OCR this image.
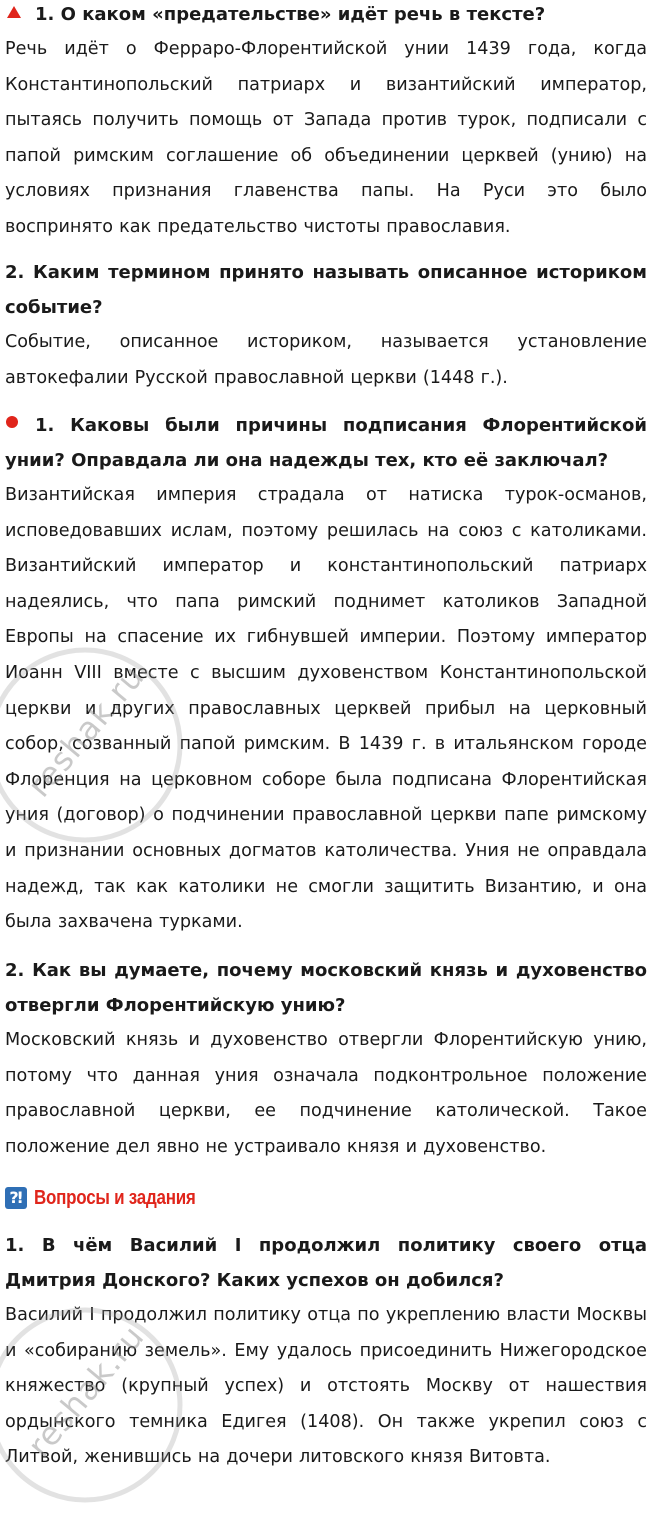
1. О каком «предательстве» идёт речь в тексте?

Речь идёт о Ферраро-Флорентийской унии 1439 года, когда Константинопольский патриарх и византийский император, пытаясь получить помощь от Запада против турок, подписали с папой римским соглашение об объединении церквей (унию) на условиях признания главенства папы. На Руси это было воспринято как предательство чистоты православия.

2. Каким термином принято называть описанное историком событие?

Событие, описанное историком, называется установление автокефалии Русской православной церкви (1448 г.).

1. Каковы были причины подписания Флорентийской унии? Оправдала ли она надежды тех, кто её заключал?

Византийская империя страдала от натиска турок-османов, исповедовавших ислам, поэтому решилась на союз с католиками. Византийский император и константинопольский патриарх надеялись, что папа римский поднимет католиков Западной Европы на спасение их гибнувшей империи. Поэтому император Иоанн VIII вместе с высшим духовенством Константинопольской церкви и других православных церквей прибыл на церковный собор, созванный папой римским. В 1439 г. в итальянском городе Флоренция на церковном соборе была подписана Флорентийская уния (договор) о подчинении православной церкви папе римскому и признании основных догматов католичества. Уния не оправдала надежд, так как католики не смогли защитить Византию, и она была захвачена турками.

2. Как вы думаете, почему московский князь и духовенство отвергли Флорентийскую унию?

Московский князь и духовенство отвергли Флорентийскую унию, потому что данная уния означала подконтрольное положение православной церкви, ее подчинение католической. Такое положение дел явно не устраивало князя и духовенство.

⁈ Вопросы и задания

1. В чём Василий I продолжил политику своего отца Дмитрия Донского? Каких успехов он добился?

Василий I продолжил политику отца по укреплению власти Москвы и «собиранию земель». Ему удалось присоединить Нижегородское княжество (крупный успех) и отстоять Москву от нашествия ордынского темника Едигея (1408). Он также укрепил союз с Литвой, женившись на дочери литовского князя Витовта.

reshak.ru
reshak.ru
